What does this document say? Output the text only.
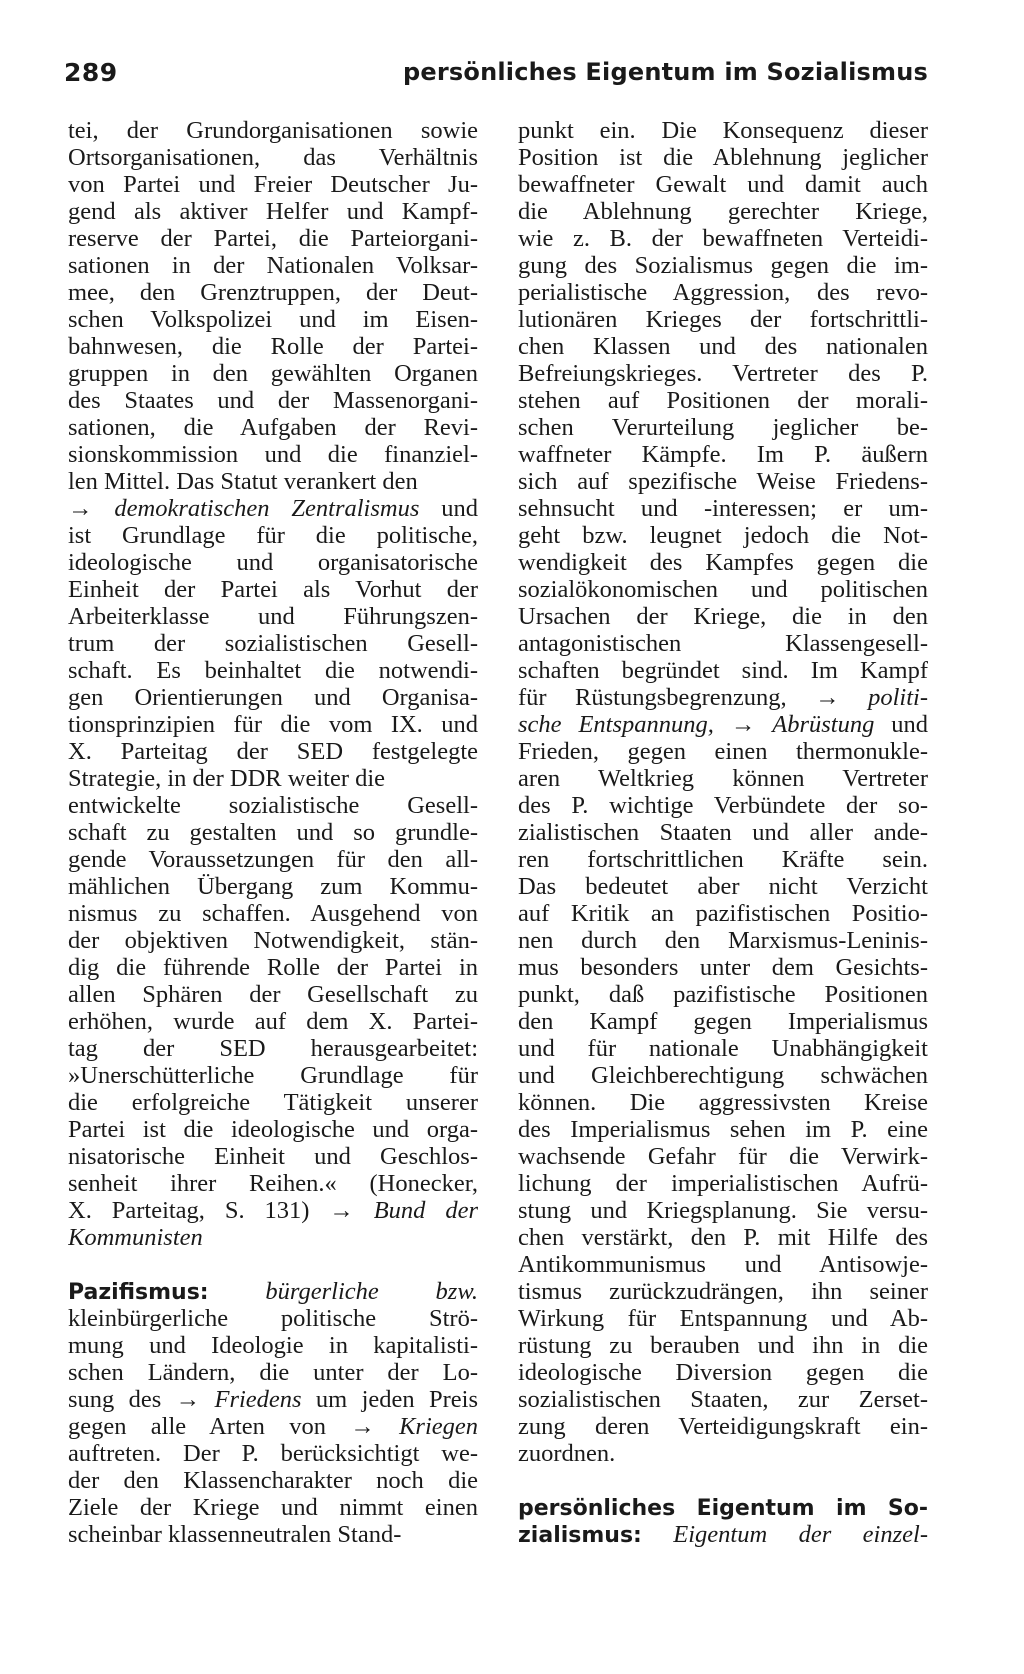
289	persönliches Eigentum im Sozialismus
tei, der Grundorganisationen sowie
Ortsorganisationen, das Verhältnis
von Partei und Freier Deutscher Ju-
gend als aktiver Helfer und Kampf-
reserve der Partei, die Parteiorgani-
sationen in der Nationalen Volksar-
mee, den Grenztruppen, der Deut-
schen Volkspolizei und im Eisen-
bahnwesen, die Rolle der Partei-
gruppen in den gewählten Organen
des Staates und der Massenorgani-
sationen, die Aufgaben der Revi-
sionskommission und die finanziel-
len Mittel. Das Statut verankert den
→ demokratischen Zentralismus und
ist Grundlage für die politische,
ideologische und organisatorische
Einheit der Partei als Vorhut der
Arbeiterklasse und Führungszen-
trum der sozialistischen Gesell-
schaft. Es beinhaltet die notwendi-
gen Orientierungen und Organisa-
tionsprinzipien für die vom IX. und
X. Parteitag der SED festgelegte
Strategie, in der DDR weiter die
entwickelte sozialistische Gesell-
schaft zu gestalten und so grundle-
gende Voraussetzungen für den all-
mählichen Übergang zum Kommu-
nismus zu schaffen. Ausgehend von
der objektiven Notwendigkeit, stän-
dig die führende Rolle der Partei in
allen Sphären der Gesellschaft zu
erhöhen, wurde auf dem X. Partei-
tag der SED herausgearbeitet:
»Unerschütterliche Grundlage für
die erfolgreiche Tätigkeit unserer
Partei ist die ideologische und orga-
nisatorische Einheit und Geschlos-
senheit ihrer Reihen.« (Honecker,
X. Parteitag, S. 131) → Bund der
Kommunisten
Pazifismus: bürgerliche bzw.
kleinbürgerliche politische Strö-
mung und Ideologie in kapitalisti-
schen Ländern, die unter der Lo-
sung des → Friedens um jeden Preis
gegen alle Arten von → Kriegen
auftreten. Der P. berücksichtigt we-
der den Klassencharakter noch die
Ziele der Kriege und nimmt einen
scheinbar klassenneutralen Stand-
punkt ein. Die Konsequenz dieser
Position ist die Ablehnung jeglicher
bewaffneter Gewalt und damit auch
die Ablehnung gerechter Kriege,
wie z. B. der bewaffneten Verteidi-
gung des Sozialismus gegen die im-
perialistische Aggression, des revo-
lutionären Krieges der fortschrittli-
chen Klassen und des nationalen
Befreiungskrieges. Vertreter des P.
stehen auf Positionen der morali-
schen Verurteilung jeglicher be-
waffneter Kämpfe. Im P. äußern
sich auf spezifische Weise Friedens-
sehnsucht und -interessen; er um-
geht bzw. leugnet jedoch die Not-
wendigkeit des Kampfes gegen die
sozialökonomischen und politischen
Ursachen der Kriege, die in den
antagonistischen Klassengesell-
schaften begründet sind. Im Kampf
für Rüstungsbegrenzung, → politi-
sche Entspannung, → Abrüstung und
Frieden, gegen einen thermonukle-
aren Weltkrieg können Vertreter
des P. wichtige Verbündete der so-
zialistischen Staaten und aller ande-
ren fortschrittlichen Kräfte sein.
Das bedeutet aber nicht Verzicht
auf Kritik an pazifistischen Positio-
nen durch den Marxismus-Leninis-
mus besonders unter dem Gesichts-
punkt, daß pazifistische Positionen
den Kampf gegen Imperialismus
und für nationale Unabhängigkeit
und Gleichberechtigung schwächen
können. Die aggressivsten Kreise
des Imperialismus sehen im P. eine
wachsende Gefahr für die Verwirk-
lichung der imperialistischen Aufrü-
stung und Kriegsplanung. Sie versu-
chen verstärkt, den P. mit Hilfe des
Antikommunismus und Antisowje-
tismus zurückzudrängen, ihn seiner
Wirkung für Entspannung und Ab-
rüstung zu berauben und ihn in die
ideologische Diversion gegen die
sozialistischen Staaten, zur Zerset-
zung deren Verteidigungskraft ein-
zuordnen.
persönliches Eigentum im So-
zialismus: Eigentum der einzel-
